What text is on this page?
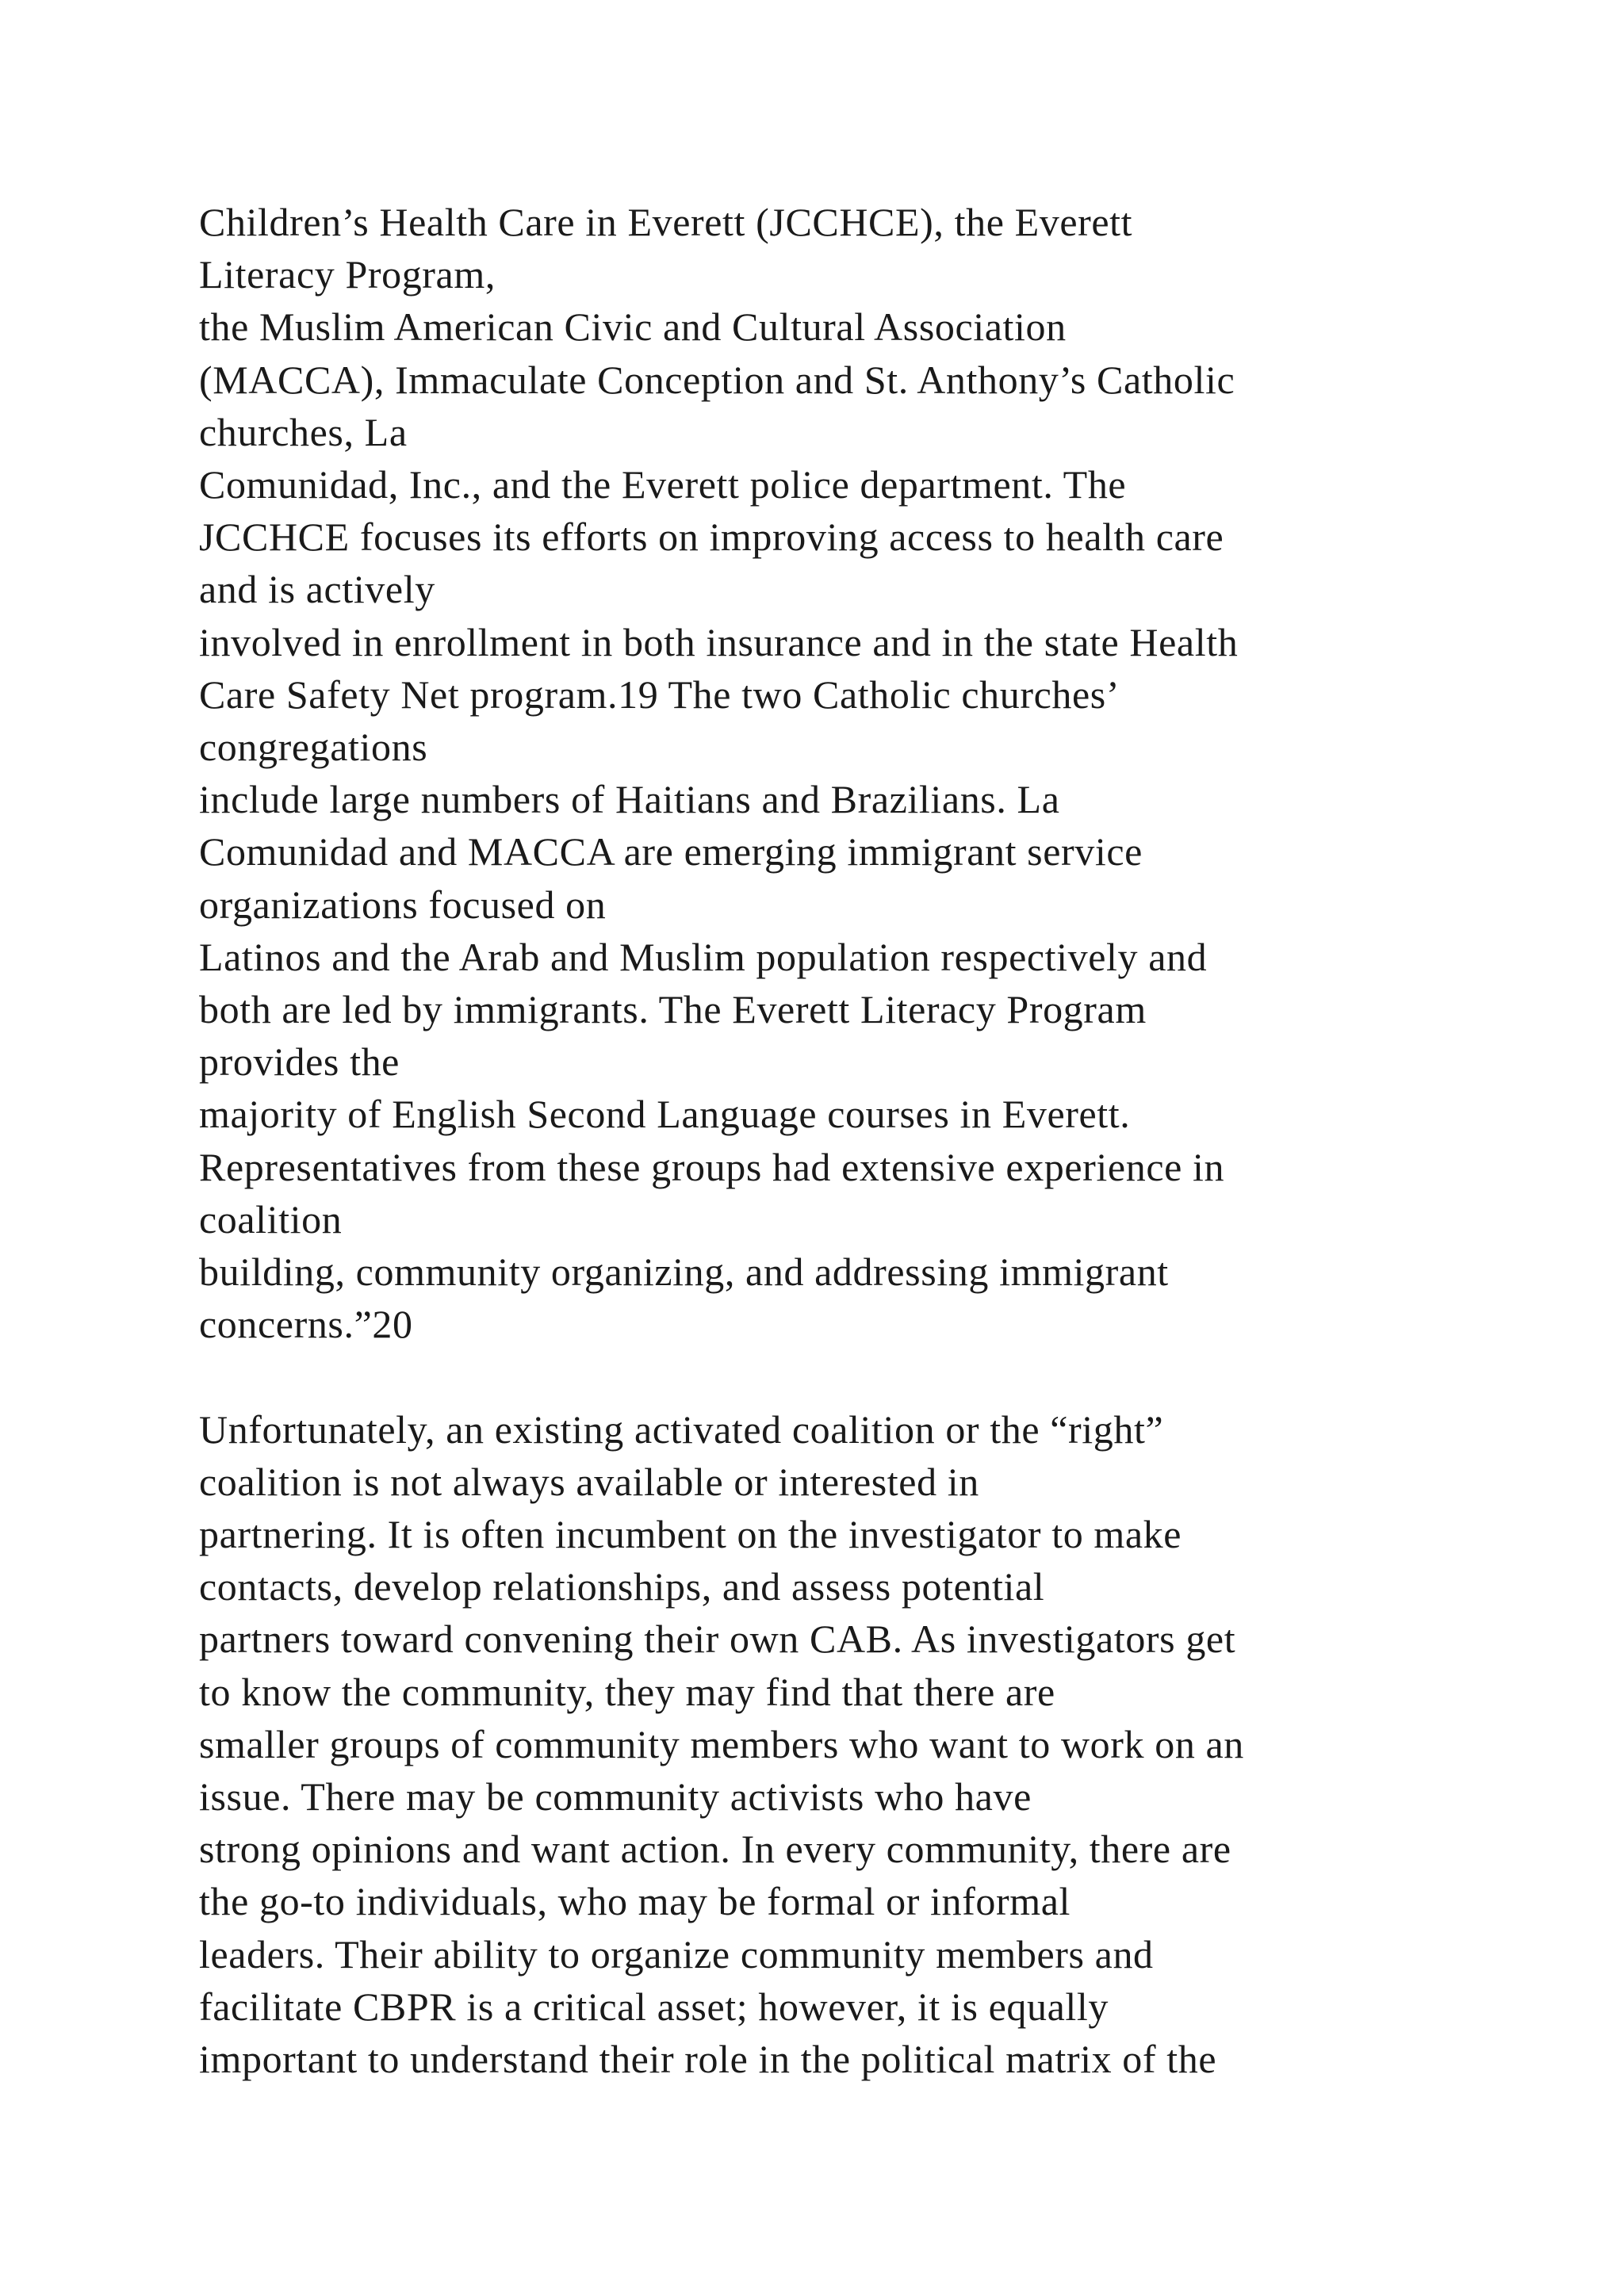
Children’s Health Care in Everett (JCCHCE), the Everett
Literacy Program,
the Muslim American Civic and Cultural Association
(MACCA), Immaculate Conception and St. Anthony’s Catholic
churches, La
Comunidad, Inc., and the Everett police department. The
JCCHCE focuses its efforts on improving access to health care
and is actively
involved in enrollment in both insurance and in the state Health
Care Safety Net program.19 The two Catholic churches’
congregations
include large numbers of Haitians and Brazilians. La
Comunidad and MACCA are emerging immigrant service
organizations focused on
Latinos and the Arab and Muslim population respectively and
both are led by immigrants. The Everett Literacy Program
provides the
majority of English Second Language courses in Everett.
Representatives from these groups had extensive experience in
coalition
building, community organizing, and addressing immigrant
concerns.”20
Unfortunately, an existing activated coalition or the “right”
coalition is not always available or interested in
partnering. It is often incumbent on the investigator to make
contacts, develop relationships, and assess potential
partners toward convening their own CAB. As investigators get
to know the community, they may find that there are
smaller groups of community members who want to work on an
issue. There may be community activists who have
strong opinions and want action. In every community, there are
the go-to individuals, who may be formal or informal
leaders. Their ability to organize community members and
facilitate CBPR is a critical asset; however, it is equally
important to understand their role in the political matrix of the
